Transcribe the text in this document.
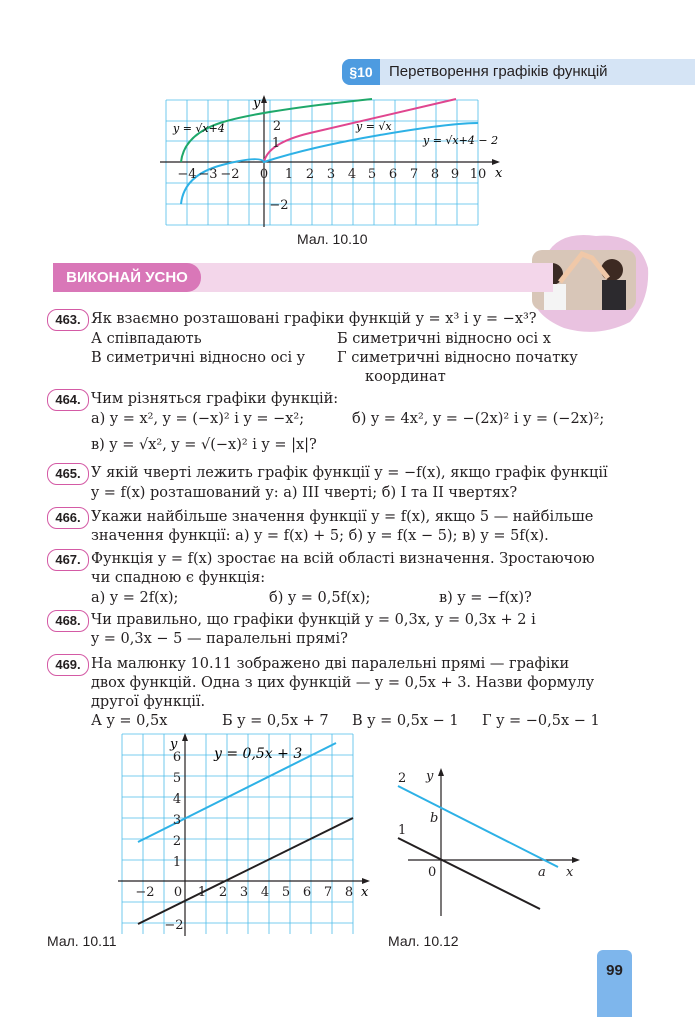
§10	Перетворення графіків функцій
−4 −3 −2 0 1 2 3 4 5 6 7 8 9 10
2
1
−2
x
y
y = √x+4	y = √x
y = √x+4 − 2
Мал. 10.10
ВИКОНАЙ УСНО
463. Як взаємно розташовані графіки функцій y = x³ і y = −x³?
А співпадають	Б симетричні відносно осі x
В симетричні відносно осі y Г симетричні відносно початку
координат
464. Чим різняться графіки функцій:
а) y = x², y = (−x)² і y = −x²;	б) y = 4x², y = −(2x)² і y = (−2x)²;
в) y = √x², y = √(−x)² і y = |x|?
465. У якій чверті лежить графік функції y = −f(x), якщо графік функції
y = f(x) розташований у: а) III чверті; б) I та II чвертях?
466. Укажи найбільше значення функції y = f(x), якщо 5 — найбільше
значення функції: а) y = f(x) + 5; б) y = f(x − 5); в) y = 5f(x).
467. Функція y = f(x) зростає на всій області визначення. Зростаючою
чи спадною є функція:
а) y = 2f(x);	б) y = 0,5f(x);	в) y = −f(x)?
468. Чи правильно, що графіки функцій y = 0,3x, y = 0,3x + 2 і
y = 0,3x − 5 — паралельні прямі?
469. На малюнку 10.11 зображено дві паралельні прямі — графіки
двох функцій. Одна з цих функцій — y = 0,5x + 3. Назви формулу
другої функції.
А y = 0,5x	Б y = 0,5x + 7 В y = 0,5x − 1 Г y = −0,5x − 1
−2 0 1 2 3 4 5 6 7 8
6
5
4
3
2
1
−2
x
y
y = 0,5x + 3
Мал. 10.11
2
1
b
0	a x
y
Мал. 10.12
99
